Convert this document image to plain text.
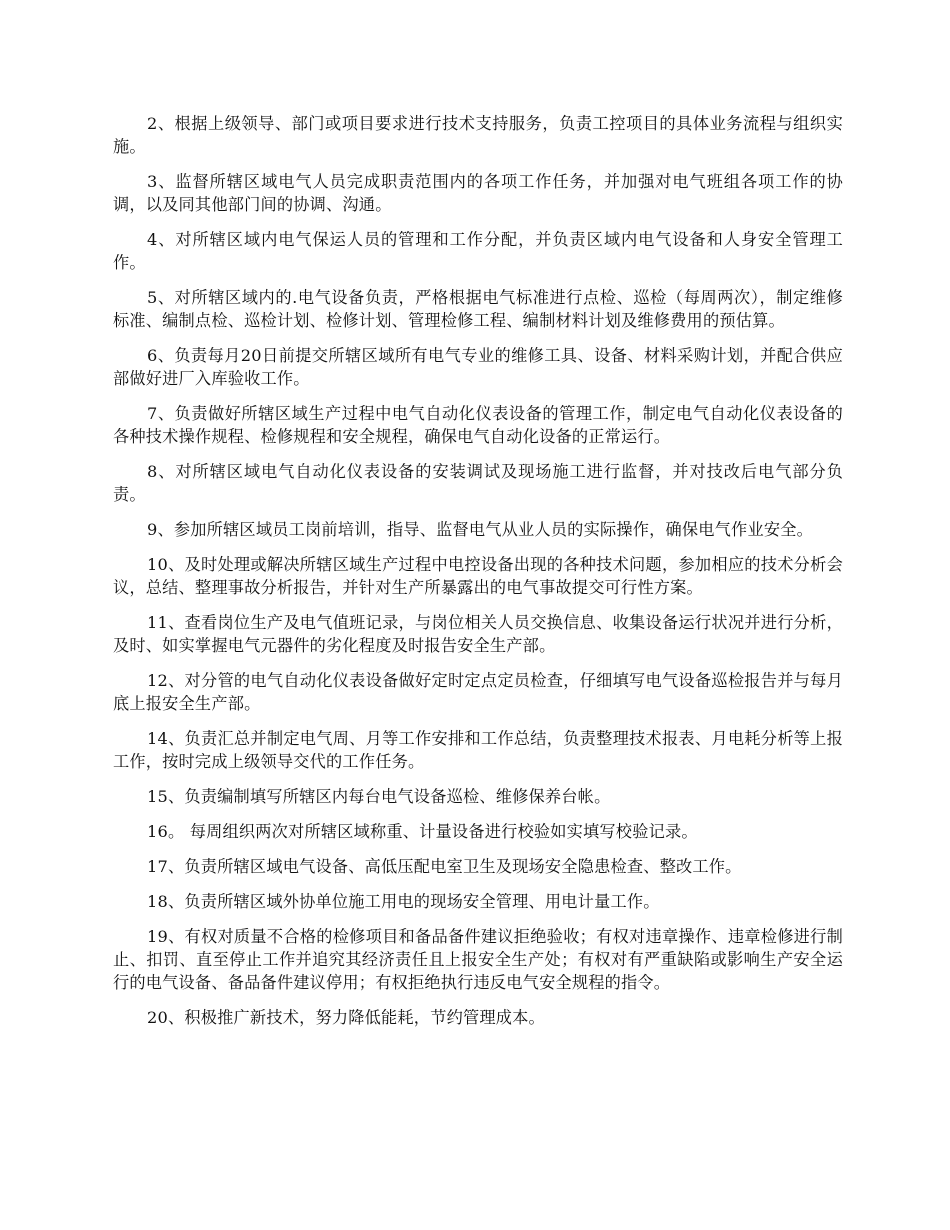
2、根据上级领导、部门或项目要求进行技术支持服务，负责工控项目的具体业务流程与组织实施。

3、监督所辖区域电气人员完成职责范围内的各项工作任务，并加强对电气班组各项工作的协调，以及同其他部门间的协调、沟通。

4、对所辖区域内电气保运人员的管理和工作分配，并负责区域内电气设备和人身安全管理工作。

5、对所辖区域内的.电气设备负责，严格根据电气标准进行点检、巡检（每周两次），制定维修标准、编制点检、巡检计划、检修计划、管理检修工程、编制材料计划及维修费用的预估算。

6、负责每月20日前提交所辖区域所有电气专业的维修工具、设备、材料采购计划，并配合供应部做好进厂入库验收工作。

7、负责做好所辖区域生产过程中电气自动化仪表设备的管理工作，制定电气自动化仪表设备的各种技术操作规程、检修规程和安全规程，确保电气自动化设备的正常运行。

8、对所辖区域电气自动化仪表设备的安装调试及现场施工进行监督，并对技改后电气部分负责。

9、参加所辖区域员工岗前培训，指导、监督电气从业人员的实际操作，确保电气作业安全。

10、及时处理或解决所辖区域生产过程中电控设备出现的各种技术问题，参加相应的技术分析会议，总结、整理事故分析报告，并针对生产所暴露出的电气事故提交可行性方案。

11、查看岗位生产及电气值班记录，与岗位相关人员交换信息、收集设备运行状况并进行分析，及时、如实掌握电气元器件的劣化程度及时报告安全生产部。

12、对分管的电气自动化仪表设备做好定时定点定员检查，仔细填写电气设备巡检报告并与每月底上报安全生产部。

14、负责汇总并制定电气周、月等工作安排和工作总结，负责整理技术报表、月电耗分析等上报工作，按时完成上级领导交代的工作任务。

15、负责编制填写所辖区内每台电气设备巡检、维修保养台帐。

16。 每周组织两次对所辖区域称重、计量设备进行校验如实填写校验记录。

17、负责所辖区域电气设备、高低压配电室卫生及现场安全隐患检查、整改工作。

18、负责所辖区域外协单位施工用电的现场安全管理、用电计量工作。

19、有权对质量不合格的检修项目和备品备件建议拒绝验收；有权对违章操作、违章检修进行制止、扣罚、直至停止工作并追究其经济责任且上报安全生产处；有权对有严重缺陷或影响生产安全运行的电气设备、备品备件建议停用；有权拒绝执行违反电气安全规程的指令。

20、积极推广新技术，努力降低能耗，节约管理成本。
